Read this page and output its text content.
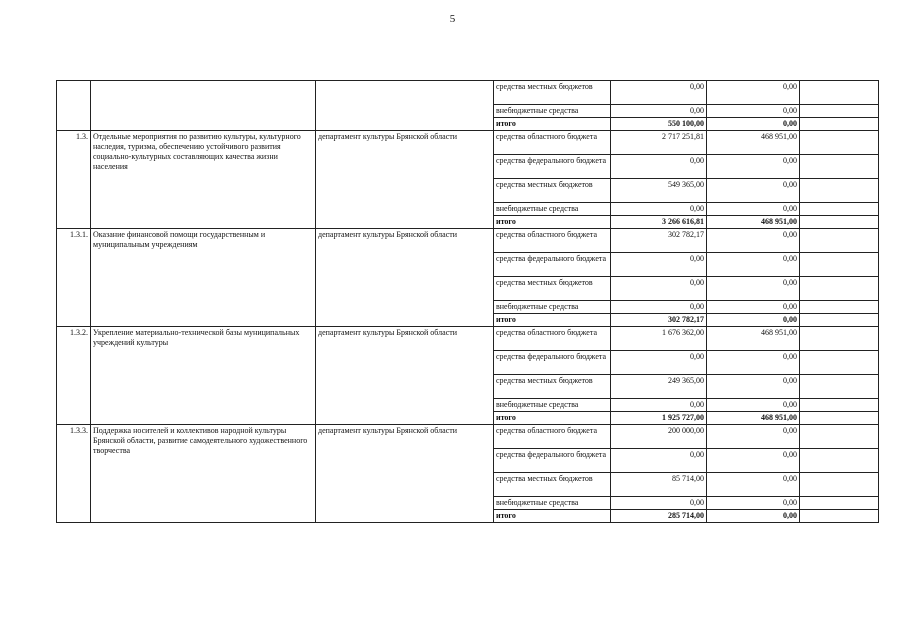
5
			средства местных бюджетов	0,00	0,00	
			внебюджетные средства	0,00	0,00	
			итого	550 100,00	0,00	
1.3.	Отдельные мероприятия по развитию культуры, культурного наследия, туризма, обеспечению устойчивого развития социально-культурных составляющих качества жизни населения	департамент культуры Брянской области	средства областного бюджета	2 717 251,81	468 951,00	
			средства федерального бюджета	0,00	0,00	
			средства местных бюджетов	549 365,00	0,00	
			внебюджетные средства	0,00	0,00	
			итого	3 266 616,81	468 951,00	
1.3.1.	Оказание финансовой помощи государственным и муниципальным учреждениям	департамент культуры Брянской области	средства областного бюджета	302 782,17	0,00	
			средства федерального бюджета	0,00	0,00	
			средства местных бюджетов	0,00	0,00	
			внебюджетные средства	0,00	0,00	
			итого	302 782,17	0,00	
1.3.2.	Укрепление материально-технической базы муниципальных учреждений культуры	департамент культуры Брянской области	средства областного бюджета	1 676 362,00	468 951,00	
			средства федерального бюджета	0,00	0,00	
			средства местных бюджетов	249 365,00	0,00	
			внебюджетные средства	0,00	0,00	
			итого	1 925 727,00	468 951,00	
1.3.3.	Поддержка носителей и коллективов народной культуры Брянской области, развитие самодеятельного художественного творчества	департамент культуры Брянской области	средства областного бюджета	200 000,00	0,00	
			средства федерального бюджета	0,00	0,00	
			средства местных бюджетов	85 714,00	0,00	
			внебюджетные средства	0,00	0,00	
			итого	285 714,00	0,00	
